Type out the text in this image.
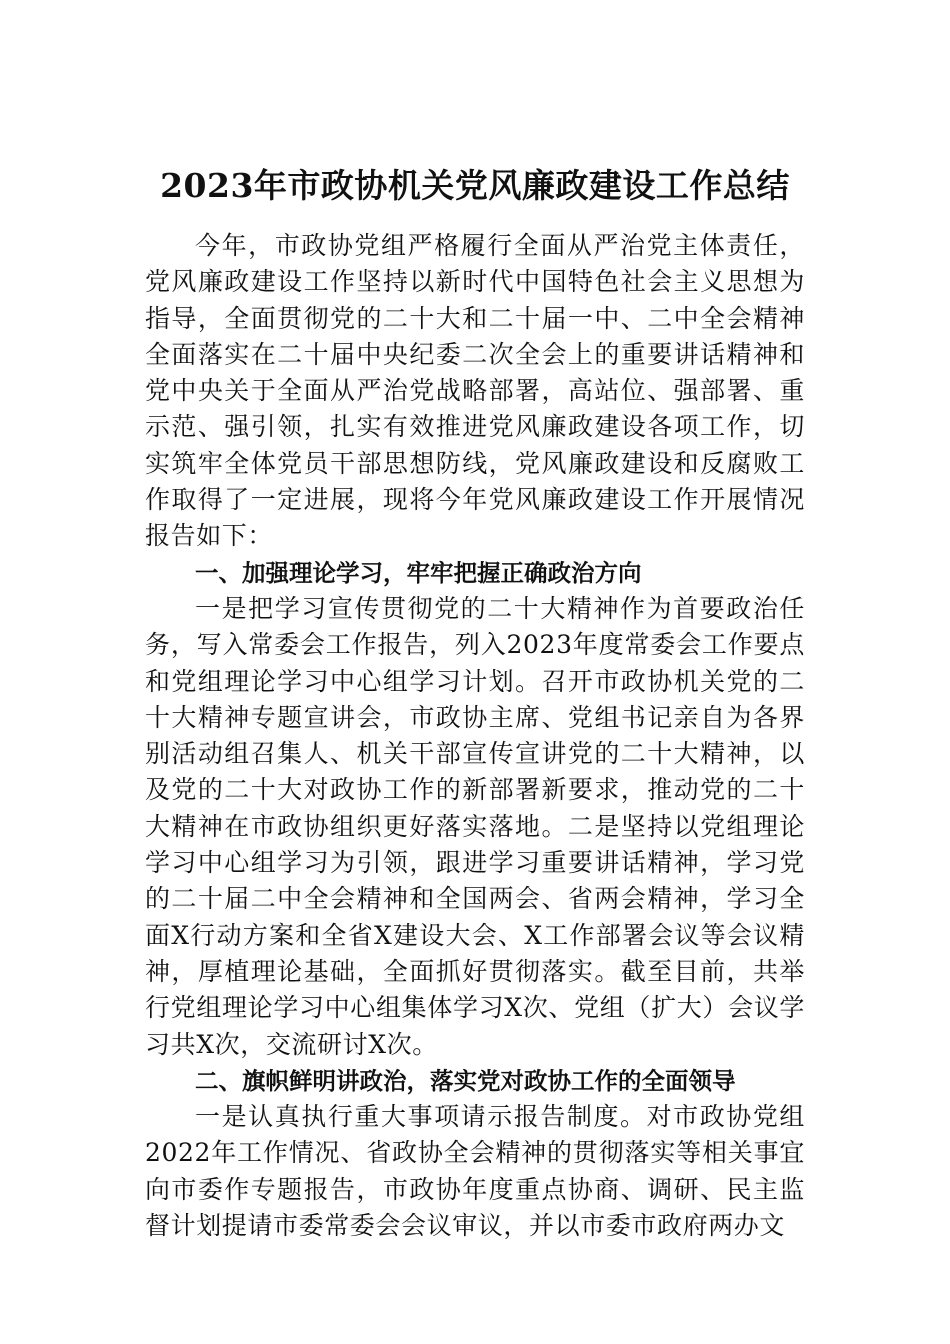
2023年市政协机关党风廉政建设工作总结

今年，市政协党组严格履行全面从严治党主体责任，党风廉政建设工作坚持以新时代中国特色社会主义思想为指导，全面贯彻党的二十大和二十届一中、二中全会精神全面落实在二十届中央纪委二次全会上的重要讲话精神和党中央关于全面从严治党战略部署，高站位、强部署、重示范、强引领，扎实有效推进党风廉政建设各项工作，切实筑牢全体党员干部思想防线，党风廉政建设和反腐败工作取得了一定进展，现将今年党风廉政建设工作开展情况报告如下：

一、加强理论学习，牢牢把握正确政治方向

一是把学习宣传贯彻党的二十大精神作为首要政治任务，写入常委会工作报告，列入2023年度常委会工作要点和党组理论学习中心组学习计划。召开市政协机关党的二十大精神专题宣讲会，市政协主席、党组书记亲自为各界别活动组召集人、机关干部宣传宣讲党的二十大精神，以及党的二十大对政协工作的新部署新要求，推动党的二十大精神在市政协组织更好落实落地。二是坚持以党组理论学习中心组学习为引领，跟进学习重要讲话精神，学习党的二十届二中全会精神和全国两会、省两会精神，学习全面X行动方案和全省X建设大会、X工作部署会议等会议精神，厚植理论基础，全面抓好贯彻落实。截至目前，共举行党组理论学习中心组集体学习X次、党组（扩大）会议学习共X次，交流研讨X次。

二、旗帜鲜明讲政治，落实党对政协工作的全面领导

一是认真执行重大事项请示报告制度。对市政协党组2022年工作情况、省政协全会精神的贯彻落实等相关事宜向市委作专题报告，市政协年度重点协商、调研、民主监督计划提请市委常委会会议审议，并以市委市政府两办文
